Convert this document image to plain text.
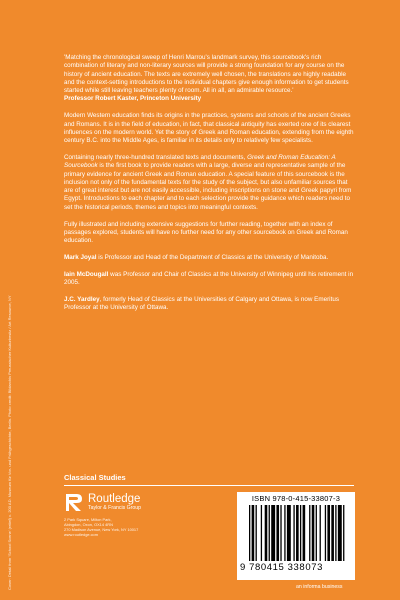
Cover: Detail from 'School Scene' (relief) c. 200 AD. Museum für Vor- und Frühgeschichte, Berlin. Photo credit: Bildarchiv Preussischer Kulturbesitz / Art Resource, NY

'Matching the chronological sweep of Henri Marrou's landmark survey, this sourcebook's rich combination of literary and non-literary sources will provide a strong foundation for any course on the history of ancient education. The texts are extremely well chosen, the translations are highly readable and the context-setting introductions to the individual chapters give enough information to get students started while still leaving teachers plenty of room. All in all, an admirable resource.'
Professor Robert Kaster, Princeton University

Modern Western education finds its origins in the practices, systems and schools of the ancient Greeks and Romans. It is in the field of education, in fact, that classical antiquity has exerted one of its clearest influences on the modern world. Yet the story of Greek and Roman education, extending from the eighth century B.C. into the Middle Ages, is familiar in its details only to relatively few specialists.

Containing nearly three-hundred translated texts and documents, Greek and Roman Education: A Sourcebook is the first book to provide readers with a large, diverse and representative sample of the primary evidence for ancient Greek and Roman education. A special feature of this sourcebook is the inclusion not only of the fundamental texts for the study of the subject, but also unfamiliar sources that are of great interest but are not easily accessible, including inscriptions on stone and Greek papyri from Egypt. Introductions to each chapter and to each selection provide the guidance which readers need to set the historical periods, themes and topics into meaningful contexts.

Fully illustrated and including extensive suggestions for further reading, together with an index of passages explored, students will have no further need for any other sourcebook on Greek and Roman education.

Mark Joyal is Professor and Head of the Department of Classics at the University of Manitoba.

Iain McDougall was Professor and Chair of Classics at the University of Winnipeg until his retirement in 2005.

J.C. Yardley, formerly Head of Classics at the Universities of Calgary and Ottawa, is now Emeritus Professor at the University of Ottawa.

Classical Studies
Routledge
Taylor & Francis Group
2 Park Square, Milton Park,
Abingdon, Oxon, OX14 4RN
270 Madison Avenue, New York, NY 10017
www.routledge.com
ISBN 978-0-415-33807-3
9 780415 338073
an informa business
